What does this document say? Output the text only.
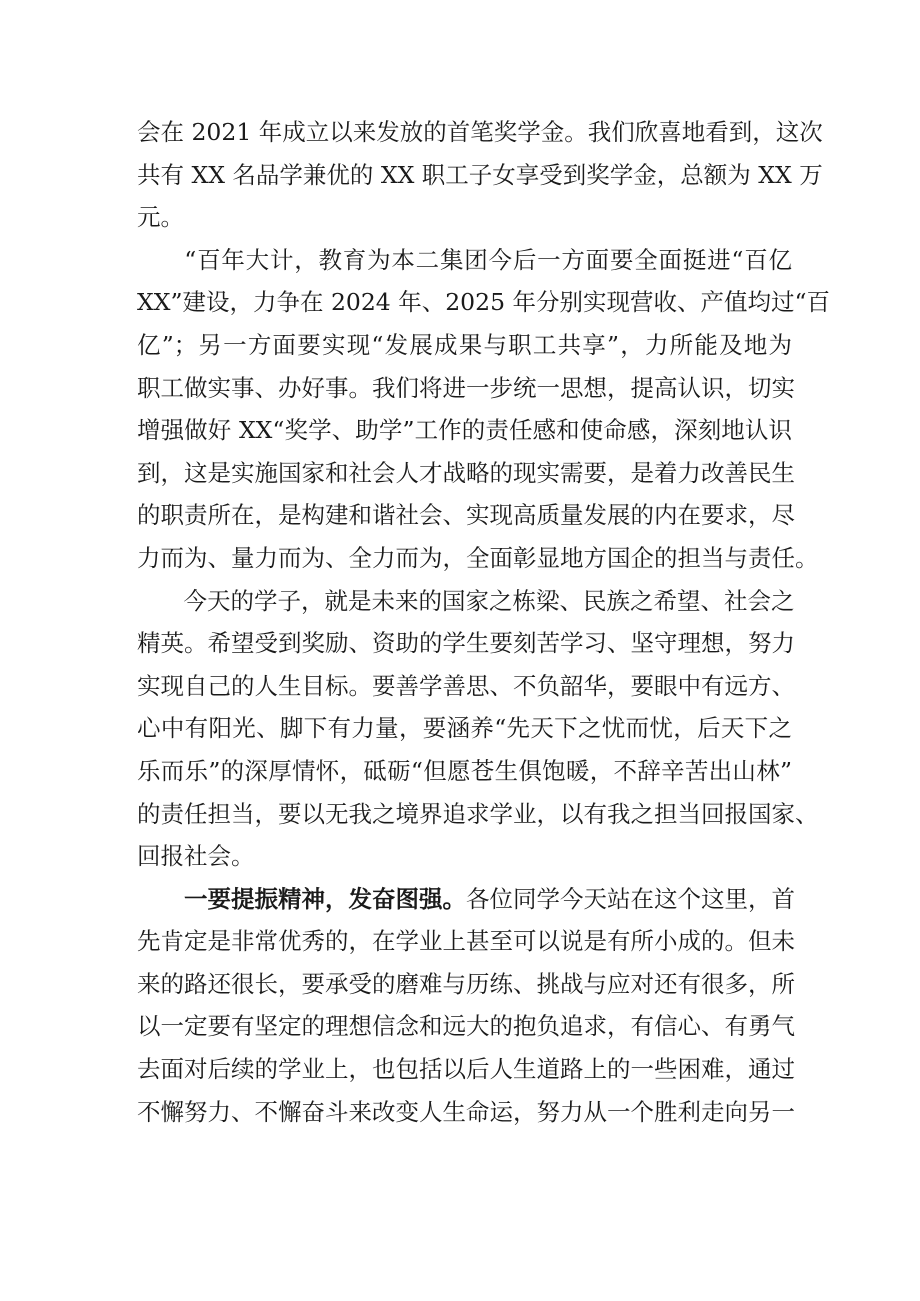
会在 2021 年成立以来发放的首笔奖学金。我们欣喜地看到，这次
共有 XX 名品学兼优的 XX 职工子女享受到奖学金，总额为 XX 万
元。
　“百年大计，教育为本二集团今后一方面要全面挺进“百亿
XX”建设，力争在 2024 年、2025 年分别实现营收、产值均过“百
亿”；另一方面要实现“发展成果与职工共享”，力所能及地为
职工做实事、办好事。我们将进一步统一思想，提高认识，切实
增强做好 XX“奖学、助学”工作的责任感和使命感，深刻地认识
到，这是实施国家和社会人才战略的现实需要，是着力改善民生
的职责所在，是构建和谐社会、实现高质量发展的内在要求，尽
力而为、量力而为、全力而为，全面彰显地方国企的担当与责任。
　今天的学子，就是未来的国家之栋梁、民族之希望、社会之
精英。希望受到奖励、资助的学生要刻苦学习、坚守理想，努力
实现自己的人生目标。要善学善思、不负韶华，要眼中有远方、
心中有阳光、脚下有力量，要涵养“先天下之忧而忧，后天下之
乐而乐”的深厚情怀，砥砺“但愿苍生俱饱暖，不辞辛苦出山林”
的责任担当，要以无我之境界追求学业，以有我之担当回报国家、
回报社会。
一要提振精神，发奋图强。各位同学今天站在这个这里，首
先肯定是非常优秀的，在学业上甚至可以说是有所小成的。但未
来的路还很长，要承受的磨难与历练、挑战与应对还有很多，所
以一定要有坚定的理想信念和远大的抱负追求，有信心、有勇气
去面对后续的学业上，也包括以后人生道路上的一些困难，通过
不懈努力、不懈奋斗来改变人生命运，努力从一个胜利走向另一
